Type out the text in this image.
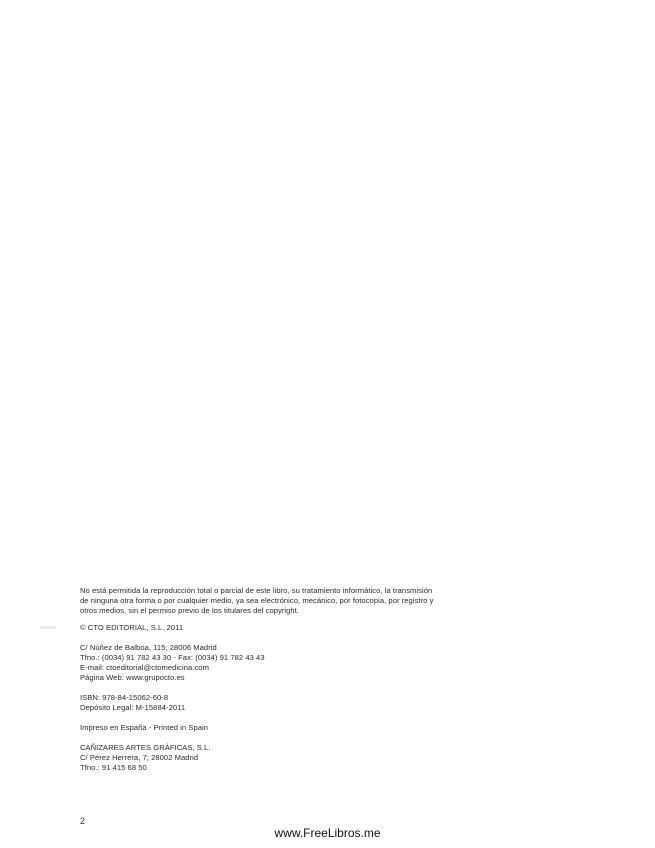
No está permitida la reproducción total o parcial de este libro, su tratamiento informático, la transmisión
de ninguna otra forma o por cualquier medio, ya sea electrónico, mecánico, por fotocopia, por registro y
otros medios, sin el permiso previo de los titulares del copyright.
© CTO EDITORIAL, S.L. 2011
C/ Núñez de Balboa, 115; 28006 Madrid
Tfno.: (0034) 91 782 43 30 - Fax: (0034) 91 782 43 43
E-mail: ctoeditorial@ctomedicina.com
Página Web: www.grupocto.es
ISBN: 978-84-15062-60-8
Depósito Legal: M-15884-2011
Impreso en España - Printed in Spain
CAÑIZARES ARTES GRÁFICAS, S.L.
C/ Pérez Herrera, 7; 28002 Madrid
Tfno.: 91 415 68 50
2
www.FreeLibros.me
